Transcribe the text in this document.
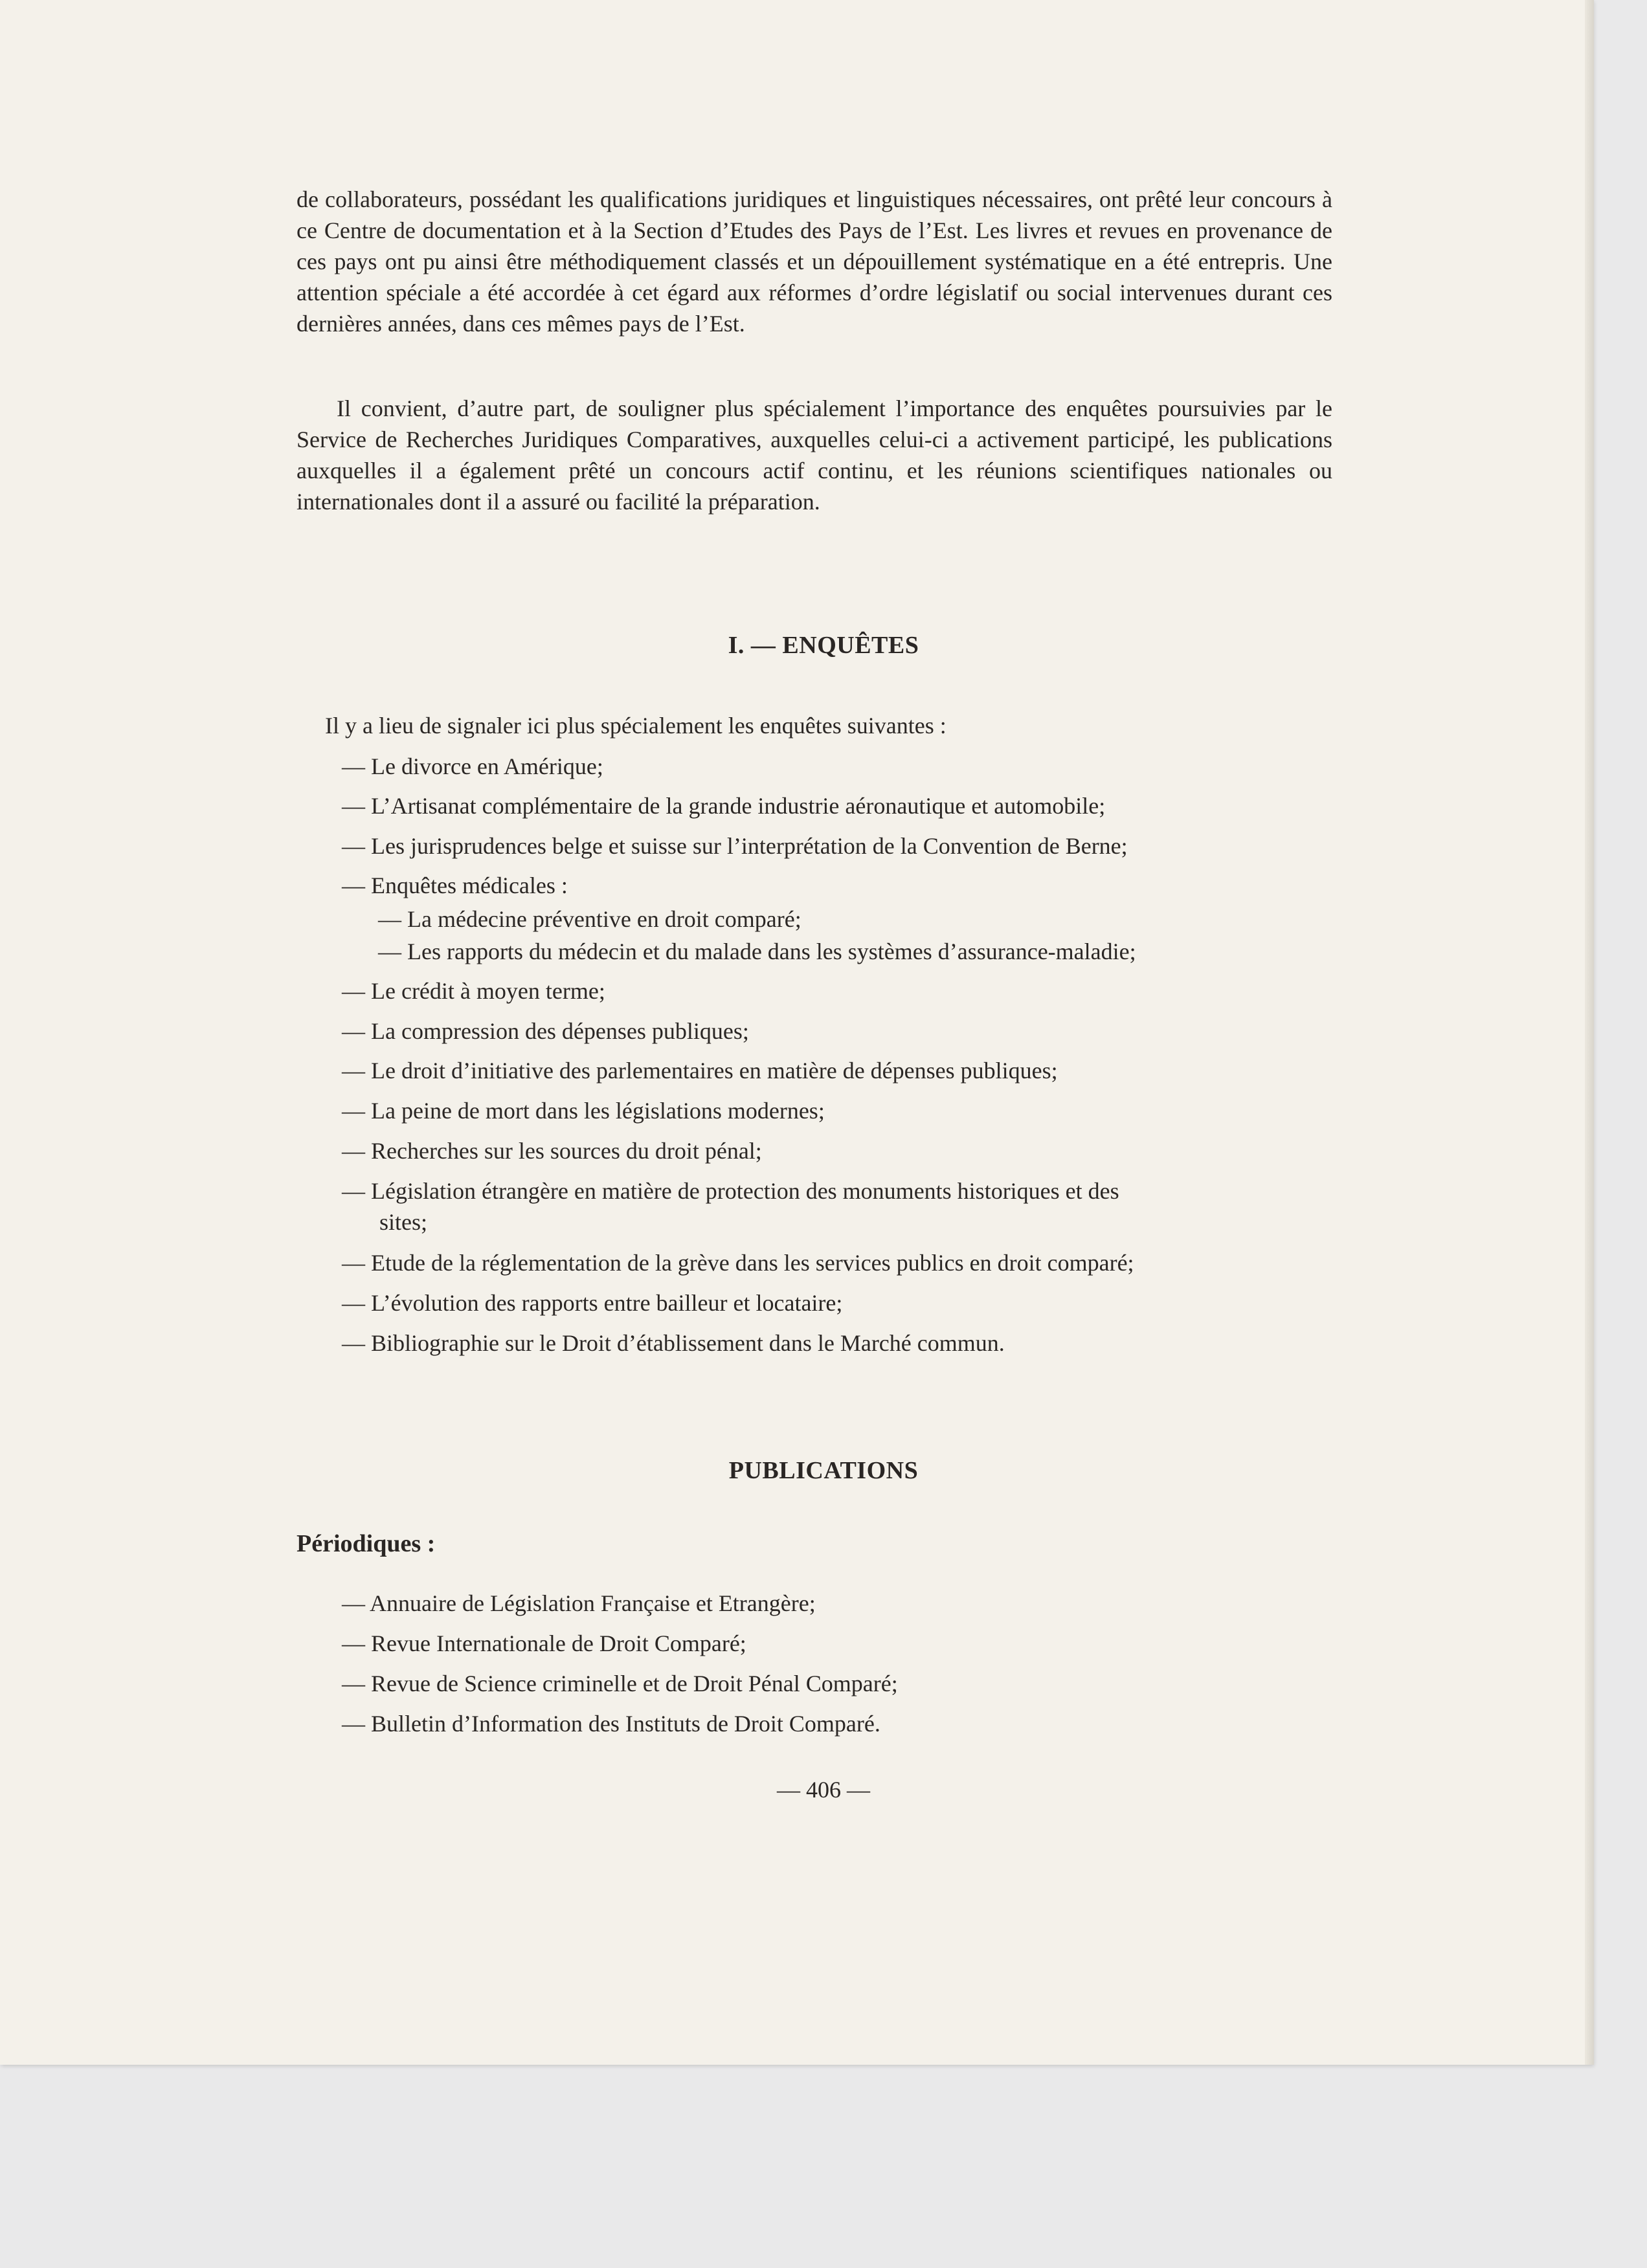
de collaborateurs, possédant les qualifications juridiques et linguistiques nécessaires, ont prêté leur concours à ce Centre de documentation et à la Section d’Etudes des Pays de l’Est. Les livres et revues en provenance de ces pays ont pu ainsi être méthodiquement classés et un dépouillement systématique en a été entrepris. Une attention spéciale a été accordée à cet égard aux réformes d’ordre législatif ou social intervenues durant ces dernières années, dans ces mêmes pays de l’Est.

Il convient, d’autre part, de souligner plus spécialement l’importance des enquêtes poursuivies par le Service de Recherches Juridiques Comparatives, auxquelles celui-ci a activement participé, les publications auxquelles il a également prêté un concours actif continu, et les réunions scientifiques nationales ou internationales dont il a assuré ou facilité la préparation.

I. — ENQUÊTES
Il y a lieu de signaler ici plus spécialement les enquêtes suivantes :
— Le divorce en Amérique;
— L’Artisanat complémentaire de la grande industrie aéronautique et automobile;
— Les jurisprudences belge et suisse sur l’interprétation de la Convention de Berne;
— Enquêtes médicales :
— La médecine préventive en droit comparé;
— Les rapports du médecin et du malade dans les systèmes d’assurance-maladie;
— Le crédit à moyen terme;
— La compression des dépenses publiques;
— Le droit d’initiative des parlementaires en matière de dépenses publiques;
— La peine de mort dans les législations modernes;
— Recherches sur les sources du droit pénal;
— Législation étrangère en matière de protection des monuments historiques et des
sites;
— Etude de la réglementation de la grève dans les services publics en droit comparé;
— L’évolution des rapports entre bailleur et locataire;
— Bibliographie sur le Droit d’établissement dans le Marché commun.
PUBLICATIONS
Périodiques :
— Annuaire de Législation Française et Etrangère;
— Revue Internationale de Droit Comparé;
— Revue de Science criminelle et de Droit Pénal Comparé;
— Bulletin d’Information des Instituts de Droit Comparé.
— 406 —
